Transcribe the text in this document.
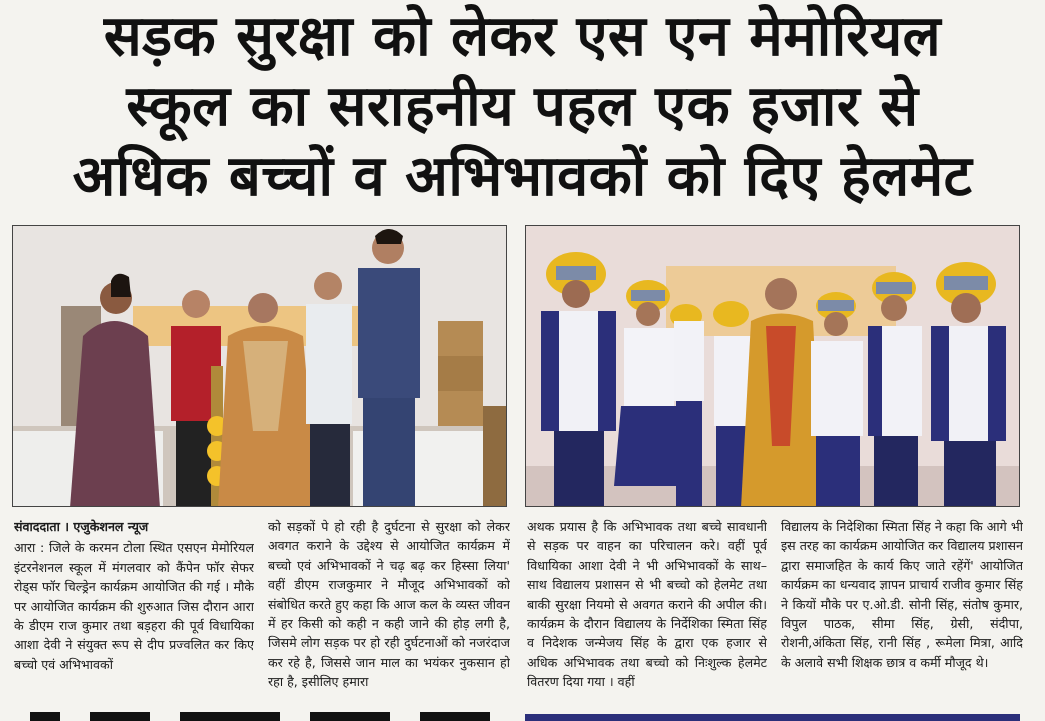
सड़क सुरक्षा को लेकर एस एन मेमोरियल
स्कूल का सराहनीय पहल एक हजार से
अधिक बच्चों व अभिभावकों को दिए हेलमेट
संवाददाता । एजुकेशनल न्यूज
आरा : जिले के करमन टोला स्थित एसएन मेमोरियल इंटरनेशनल स्कूल में मंगलवार को कैंपेन फॉर सेफर रोड्स फॉर चिल्ड्रेन कार्यक्रम आयोजित की गई । मौके पर आयोजित कार्यक्रम की शुरुआत जिस दौरान आरा के डीएम राज कुमार तथा बड़हरा की पूर्व विधायिका आशा देवी ने संयुक्त रूप से दीप प्रज्वलित कर किए बच्चो एवं अभिभावकों
को सड़कों पे हो रही है दुर्घटना से सुरक्षा को लेकर अवगत कराने के उद्देश्य से आयोजित कार्यक्रम में बच्चो एवं अभिभावकों ने चढ़ बढ़ कर हिस्सा लिया' वहीं डीएम राजकुमार ने मौजूद अभिभावकों को संबोधित करते हुए कहा कि आज कल के व्यस्त जीवन में हर किसी को कही न कही जाने की होड़ लगी है, जिसमे लोग सड़क पर हो रही दुर्घटनाओं को नजरंदाज कर रहे है, जिससे जान माल का भयंकर नुकसान हो रहा है, इसीलिए हमारा
अथक प्रयास है कि अभिभावक तथा बच्चे सावधानी से सड़क पर वाहन का परिचालन करे। वहीं पूर्व विधायिका आशा देवी ने भी अभिभावकों के साथ–साथ विद्यालय प्रशासन से भी बच्चो को हेलमेट तथा बाकी सुरक्षा नियमो से अवगत कराने की अपील की। कार्यक्रम के दौरान विद्यालय के निर्देशिका स्मिता सिंह व निदेशक जन्मेजय सिंह के द्वारा एक हजार से अधिक अभिभावक तथा बच्चो को निःशुल्क हेलमेट वितरण दिया गया । वहीं
विद्यालय के निदेशिका स्मिता सिंह ने कहा कि आगे भी इस तरह का कार्यक्रम आयोजित कर विद्यालय प्रशासन द्वारा समाजहित के कार्य किए जाते रहेंगें' आयोजित कार्यक्रम का धन्यवाद ज्ञापन प्राचार्य राजीव कुमार सिंह ने कियों मौके पर ए.ओ.डी. सोनी सिंह, संतोष कुमार, विपुल पाठक, सीमा सिंह, ग्रेसी, संदीपा, रोशनी,अंकिता सिंह, रानी सिंह , रूमेला मित्रा, आदि के अलावे सभी शिक्षक छात्र व कर्मी मौजूद थे।
